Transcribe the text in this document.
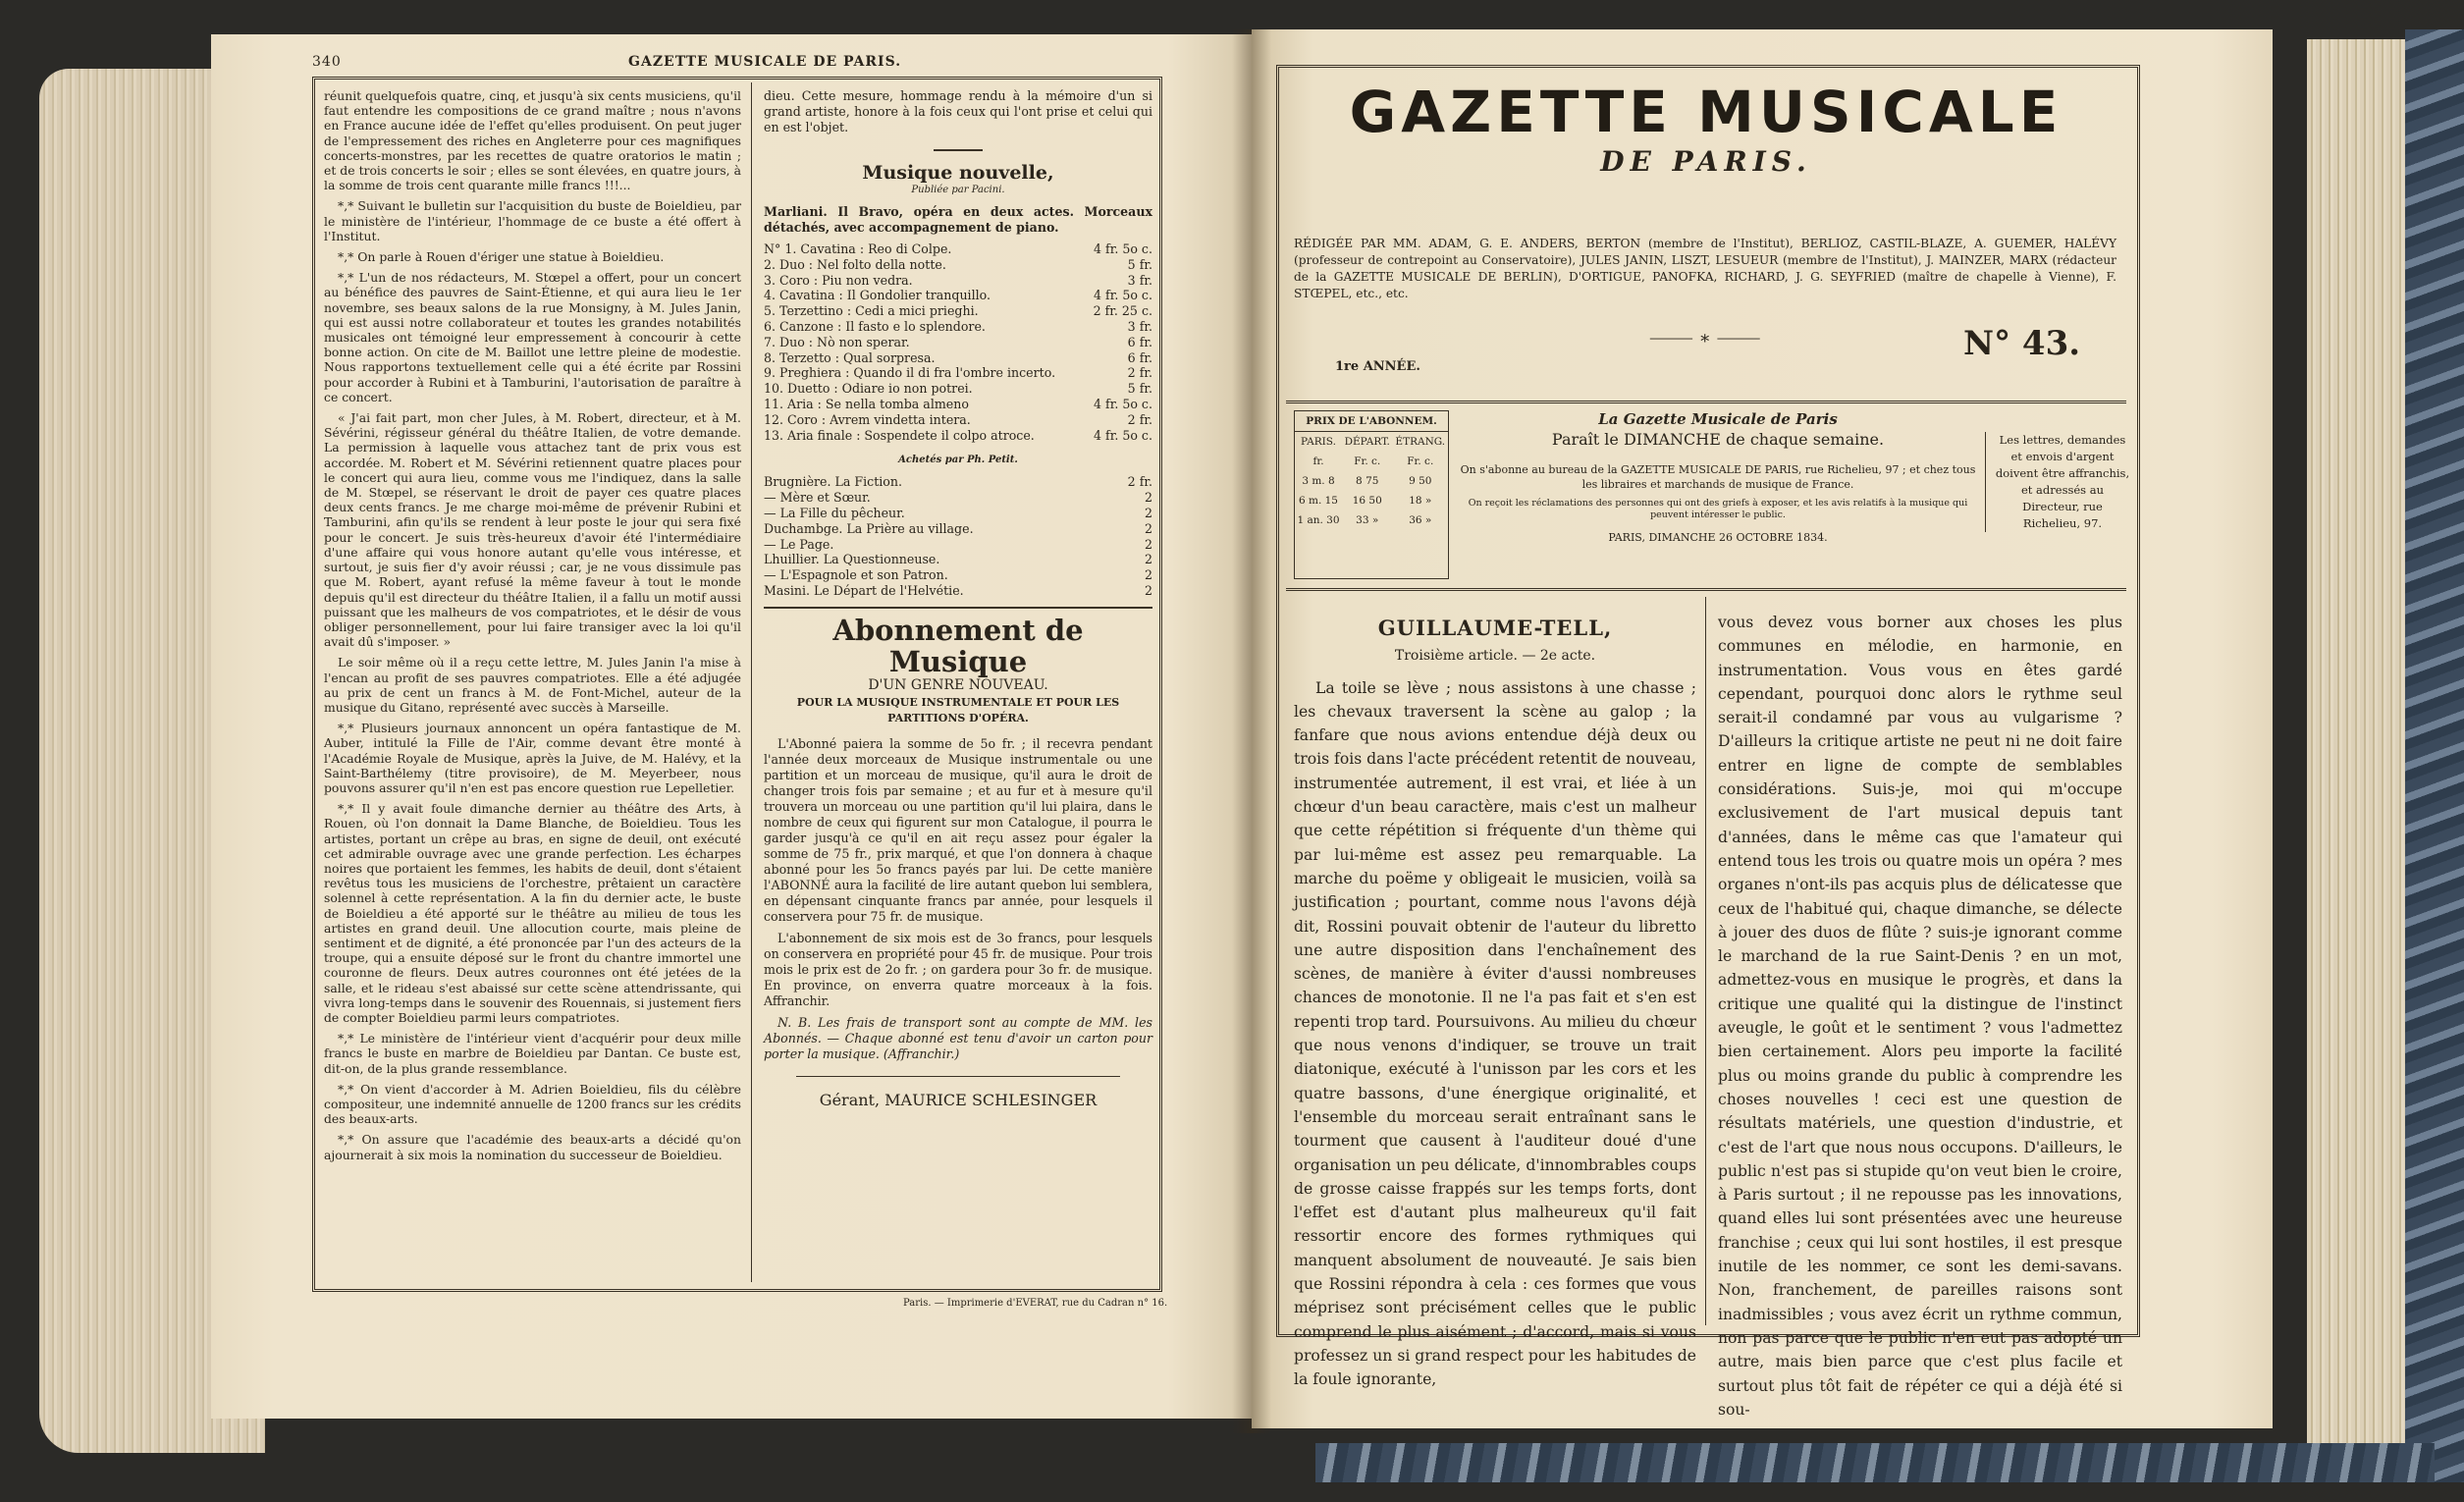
340	GAZETTE MUSICALE DE PARIS.

réunit quelquefois quatre, cinq, et jusqu'à six cents musiciens, qu'il faut entendre les compositions de ce grand maître ; nous n'avons en France aucune idée de l'effet qu'elles produisent. On peut juger de l'empressement des riches en Angleterre pour ces magnifiques concerts-monstres, par les recettes de quatre oratorios le matin ; et de trois concerts le soir ; elles se sont élevées, en quatre jours, à la somme de trois cent quarante mille francs !!!...

*,* Suivant le bulletin sur l'acquisition du buste de Boieldieu, par le ministère de l'intérieur, l'hommage de ce buste a été offert à l'Institut.

*,* On parle à Rouen d'ériger une statue à Boieldieu.

*,* L'un de nos rédacteurs, M. Stœpel a offert, pour un concert au bénéfice des pauvres de Saint-Étienne, et qui aura lieu le 1er novembre, ses beaux salons de la rue Monsigny, à M. Jules Janin, qui est aussi notre collaborateur et toutes les grandes notabilités musicales ont témoigné leur empressement à concourir à cette bonne action. On cite de M. Baillot une lettre pleine de modestie. Nous rapportons textuellement celle qui a été écrite par Rossini pour accorder à Rubini et à Tamburini, l'autorisation de paraître à ce concert.

« J'ai fait part, mon cher Jules, à M. Robert, directeur, et à M. Sévérini, régisseur général du théâtre Italien, de votre demande. La permission à laquelle vous attachez tant de prix vous est accordée. M. Robert et M. Sévérini retiennent quatre places pour le concert qui aura lieu, comme vous me l'indiquez, dans la salle de M. Stœpel, se réservant le droit de payer ces quatre places deux cents francs. Je me charge moi-même de prévenir Rubini et Tamburini, afin qu'ils se rendent à leur poste le jour qui sera fixé pour le concert. Je suis très-heureux d'avoir été l'intermédiaire d'une affaire qui vous honore autant qu'elle vous intéresse, et surtout, je suis fier d'y avoir réussi ; car, je ne vous dissimule pas que M. Robert, ayant refusé la même faveur à tout le monde depuis qu'il est directeur du théâtre Italien, il a fallu un motif aussi puissant que les malheurs de vos compatriotes, et le désir de vous obliger personnellement, pour lui faire transiger avec la loi qu'il avait dû s'imposer. »

Le soir même où il a reçu cette lettre, M. Jules Janin l'a mise à l'encan au profit de ses pauvres compatriotes. Elle a été adjugée au prix de cent un francs à M. de Font-Michel, auteur de la musique du Gitano, représenté avec succès à Marseille.

*,* Plusieurs journaux annoncent un opéra fantastique de M. Auber, intitulé la Fille de l'Air, comme devant être monté à l'Académie Royale de Musique, après la Juive, de M. Halévy, et la Saint-Barthélemy (titre provisoire), de M. Meyerbeer, nous pouvons assurer qu'il n'en est pas encore question rue Lepelletier.

*,* Il y avait foule dimanche dernier au théâtre des Arts, à Rouen, où l'on donnait la Dame Blanche, de Boieldieu. Tous les artistes, portant un crêpe au bras, en signe de deuil, ont exécuté cet admirable ouvrage avec une grande perfection. Les écharpes noires que portaient les femmes, les habits de deuil, dont s'étaient revêtus tous les musiciens de l'orchestre, prêtaient un caractère solennel à cette représentation. A la fin du dernier acte, le buste de Boieldieu a été apporté sur le théâtre au milieu de tous les artistes en grand deuil. Une allocution courte, mais pleine de sentiment et de dignité, a été prononcée par l'un des acteurs de la troupe, qui a ensuite déposé sur le front du chantre immortel une couronne de fleurs. Deux autres couronnes ont été jetées de la salle, et le rideau s'est abaissé sur cette scène attendrissante, qui vivra long-temps dans le souvenir des Rouennais, si justement fiers de compter Boieldieu parmi leurs compatriotes.

*,* Le ministère de l'intérieur vient d'acquérir pour deux mille francs le buste en marbre de Boieldieu par Dantan. Ce buste est, dit-on, de la plus grande ressemblance.

*,* On vient d'accorder à M. Adrien Boieldieu, fils du célèbre compositeur, une indemnité annuelle de 1200 francs sur les crédits des beaux-arts.

*,* On assure que l'académie des beaux-arts a décidé qu'on ajournerait à six mois la nomination du successeur de Boieldieu.

dieu. Cette mesure, hommage rendu à la mémoire d'un si grand artiste, honore à la fois ceux qui l'ont prise et celui qui en est l'objet.

Musique nouvelle,
Publiée par Pacini.

Marliani. Il Bravo, opéra en deux actes. Morceaux détachés, avec accompagnement de piano.

N° 1. Cavatina : Reo di Colpe.	4 fr. 5o c.
2. Duo : Nel folto della notte.	5 fr.
3. Coro : Piu non vedra.	3 fr.
4. Cavatina : Il Gondolier tranquillo.	4 fr. 5o c.
5. Terzettino : Cedi a mici prieghi.	2 fr. 25 c.
6. Canzone : Il fasto e lo splendore.	3 fr.
7. Duo : Nò non sperar.	6 fr.
8. Terzetto : Qual sorpresa.	6 fr.
9. Preghiera : Quando il di fra l'ombre incerto.	2 fr.
10. Duetto : Odiare io non potrei.	5 fr.
11. Aria : Se nella tomba almeno	4 fr. 5o c.
12. Coro : Avrem vindetta intera.	2 fr.
13. Aria finale : Sospendete il colpo atroce.	4 fr. 5o c.
Achetés par Ph. Petit.
Brugnière. La Fiction.	2 fr.
— Mère et Sœur.	2
— La Fille du pêcheur.	2
Duchambge. La Prière au village.	2
— Le Page.	2
Lhuillier. La Questionneuse.	2
— L'Espagnole et son Patron.	2
Masini. Le Départ de l'Helvétie.	2
Abonnement de Musique
D'UN GENRE NOUVEAU.
POUR LA MUSIQUE INSTRUMENTALE ET POUR LES PARTITIONS D'OPÉRA.

L'Abonné paiera la somme de 5o fr. ; il recevra pendant l'année deux morceaux de Musique instrumentale ou une partition et un morceau de musique, qu'il aura le droit de changer trois fois par semaine ; et au fur et à mesure qu'il trouvera un morceau ou une partition qu'il lui plaira, dans le nombre de ceux qui figurent sur mon Catalogue, il pourra le garder jusqu'à ce qu'il en ait reçu assez pour égaler la somme de 75 fr., prix marqué, et que l'on donnera à chaque abonné pour les 5o francs payés par lui. De cette manière l'ABONNÉ aura la facilité de lire autant quebon lui semblera, en dépensant cinquante francs par année, pour lesquels il conservera pour 75 fr. de musique.

L'abonnement de six mois est de 3o francs, pour lesquels on conservera en propriété pour 45 fr. de musique. Pour trois mois le prix est de 2o fr. ; on gardera pour 3o fr. de musique. En province, on enverra quatre morceaux à la fois. Affranchir.

N. B. Les frais de transport sont au compte de MM. les Abonnés. — Chaque abonné est tenu d'avoir un carton pour porter la musique. (Affranchir.)

Gérant, MAURICE SCHLESINGER
Paris. — Imprimerie d'EVERAT, rue du Cadran n° 16.
GAZETTE MUSICALE
DE PARIS.
RÉDIGÉE PAR MM. ADAM, G. E. ANDERS, BERTON (membre de l'Institut), BERLIOZ, CASTIL-BLAZE, A. GUEMER, HALÉVY (professeur de contrepoint au Conservatoire), JULES JANIN, LISZT, LESUEUR (membre de l'Institut), J. MAINZER, MARX (rédacteur de la GAZETTE MUSICALE DE BERLIN), D'ORTIGUE, PANOFKA, RICHARD, J. G. SEYFRIED (maître de chapelle à Vienne), F. STŒPEL, etc., etc.
⸻ ∗ ⸻
1re ANNÉE.
N° 43.
PRIX DE L'ABONNEM.
PARIS.	DÉPART.	ÉTRANG.
fr.	Fr. c.	Fr. c.
3 m. 8	8 75	9 50
6 m. 15	16 50	18 »
1 an. 30	33 »	36 »
La Gazette Musicale de Paris
Paraît le DIMANCHE de chaque semaine.
On s'abonne au bureau de la GAZETTE MUSICALE DE PARIS, rue Richelieu, 97 ; et chez tous les libraires et marchands de musique de France.
On reçoit les réclamations des personnes qui ont des griefs à exposer, et les avis relatifs à la musique qui peuvent intéresser le public.
PARIS, DIMANCHE 26 OCTOBRE 1834.
Les lettres, demandes et envois d'argent doivent être affranchis, et adressés au Directeur, rue Richelieu, 97.
GUILLAUME-TELL,
Troisième article. — 2e acte.

La toile se lève ; nous assistons à une chasse ; les chevaux traversent la scène au galop ; la fanfare que nous avions entendue déjà deux ou trois fois dans l'acte précédent retentit de nouveau, instrumentée autrement, il est vrai, et liée à un chœur d'un beau caractère, mais c'est un malheur que cette répétition si fréquente d'un thème qui par lui-même est assez peu remarquable. La marche du poëme y obligeait le musicien, voilà sa justification ; pourtant, comme nous l'avons déjà dit, Rossini pouvait obtenir de l'auteur du libretto une autre disposition dans l'enchaînement des scènes, de manière à éviter d'aussi nombreuses chances de monotonie. Il ne l'a pas fait et s'en est repenti trop tard. Poursuivons. Au milieu du chœur que nous venons d'indiquer, se trouve un trait diatonique, exécuté à l'unisson par les cors et les quatre bassons, d'une énergique originalité, et l'ensemble du morceau serait entraînant sans le tourment que causent à l'auditeur doué d'une organisation un peu délicate, d'innombrables coups de grosse caisse frappés sur les temps forts, dont l'effet est d'autant plus malheureux qu'il fait ressortir encore des formes rythmiques qui manquent absolument de nouveauté. Je sais bien que Rossini répondra à cela : ces formes que vous méprisez sont précisément celles que le public comprend le plus aisément ; d'accord, mais si vous professez un si grand respect pour les habitudes de la foule ignorante,

vous devez vous borner aux choses les plus communes en mélodie, en harmonie, en instrumentation. Vous vous en êtes gardé cependant, pourquoi donc alors le rythme seul serait-il condamné par vous au vulgarisme ? D'ailleurs la critique artiste ne peut ni ne doit faire entrer en ligne de compte de semblables considérations. Suis-je, moi qui m'occupe exclusivement de l'art musical depuis tant d'années, dans le même cas que l'amateur qui entend tous les trois ou quatre mois un opéra ? mes organes n'ont-ils pas acquis plus de délicatesse que ceux de l'habitué qui, chaque dimanche, se délecte à jouer des duos de flûte ? suis-je ignorant comme le marchand de la rue Saint-Denis ? en un mot, admettez-vous en musique le progrès, et dans la critique une qualité qui la distingue de l'instinct aveugle, le goût et le sentiment ? vous l'admettez bien certainement. Alors peu importe la facilité plus ou moins grande du public à comprendre les choses nouvelles ! ceci est une question de résultats matériels, une question d'industrie, et c'est de l'art que nous nous occupons. D'ailleurs, le public n'est pas si stupide qu'on veut bien le croire, à Paris surtout ; il ne repousse pas les innovations, quand elles lui sont présentées avec une heureuse franchise ; ceux qui lui sont hostiles, il est presque inutile de les nommer, ce sont les demi-savans. Non, franchement, de pareilles raisons sont inadmissibles ; vous avez écrit un rythme commun, non pas parce que le public n'en eut pas adopté un autre, mais bien parce que c'est plus facile et surtout plus tôt fait de répéter ce qui a déjà été si sou-
